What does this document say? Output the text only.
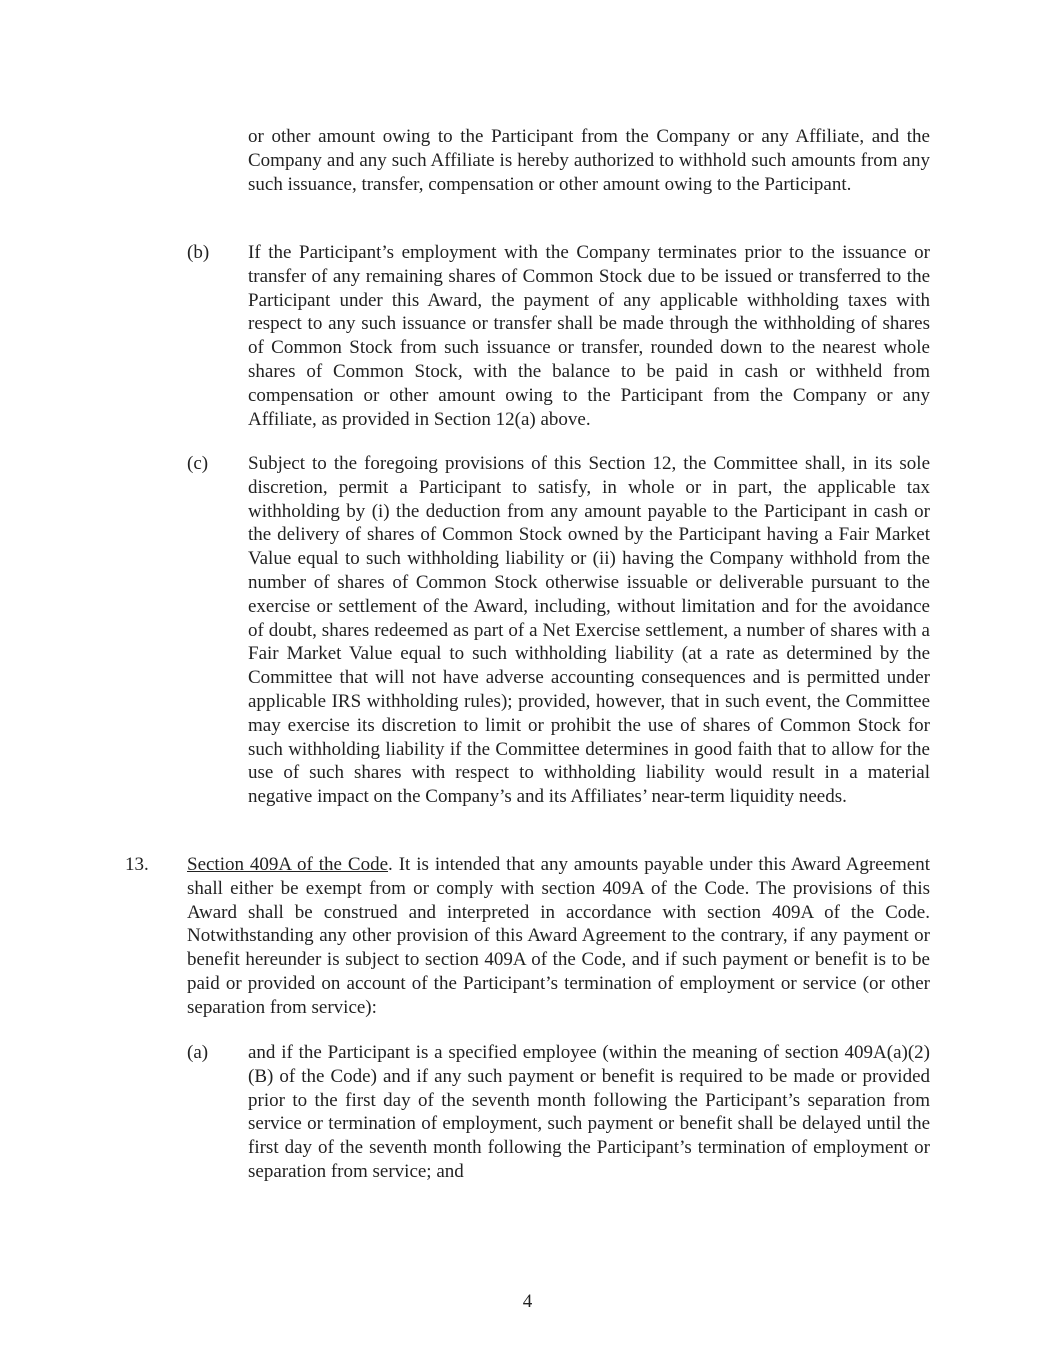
or other amount owing to the Participant from the Company or any Affiliate, and the Company and any such Affiliate is hereby authorized to withhold such amounts from any such issuance, transfer, compensation or other amount owing to the Participant.

(b) If the Participant’s employment with the Company terminates prior to the issuance or transfer of any remaining shares of Common Stock due to be issued or transferred to the Participant under this Award, the payment of any applicable withholding taxes with respect to any such issuance or transfer shall be made through the withholding of shares of Common Stock from such issuance or transfer, rounded down to the nearest whole shares of Common Stock, with the balance to be paid in cash or withheld from compensation or other amount owing to the Participant from the Company or any Affiliate, as provided in Section 12(a) above.

(c) Subject to the foregoing provisions of this Section 12, the Committee shall, in its sole discretion, permit a Participant to satisfy, in whole or in part, the applicable tax withholding by (i) the deduction from any amount payable to the Participant in cash or the delivery of shares of Common Stock owned by the Participant having a Fair Market Value equal to such withholding liability or (ii) having the Company withhold from the number of shares of Common Stock otherwise issuable or deliverable pursuant to the exercise or settlement of the Award, including, without limitation and for the avoidance of doubt, shares redeemed as part of a Net Exercise settlement, a number of shares with a Fair Market Value equal to such withholding liability (at a rate as determined by the Committee that will not have adverse accounting consequences and is permitted under applicable IRS withholding rules); provided, however, that in such event, the Committee may exercise its discretion to limit or prohibit the use of shares of Common Stock for such withholding liability if the Committee determines in good faith that to allow for the use of such shares with respect to withholding liability would result in a material negative impact on the Company’s and its Affiliates’ near-term liquidity needs.

13. Section 409A of the Code. It is intended that any amounts payable under this Award Agreement shall either be exempt from or comply with section 409A of the Code. The provisions of this Award shall be construed and interpreted in accordance with section 409A of the Code. Notwithstanding any other provision of this Award Agreement to the contrary, if any payment or benefit hereunder is subject to section 409A of the Code, and if such payment or benefit is to be paid or provided on account of the Participant’s termination of employment or service (or other separation from service):

(a) and if the Participant is a specified employee (within the meaning of section 409A(a)(2)(B) of the Code) and if any such payment or benefit is required to be made or provided prior to the first day of the seventh month following the Participant’s separation from service or termination of employment, such payment or benefit shall be delayed until the first day of the seventh month following the Participant’s termination of employment or separation from service; and

4
